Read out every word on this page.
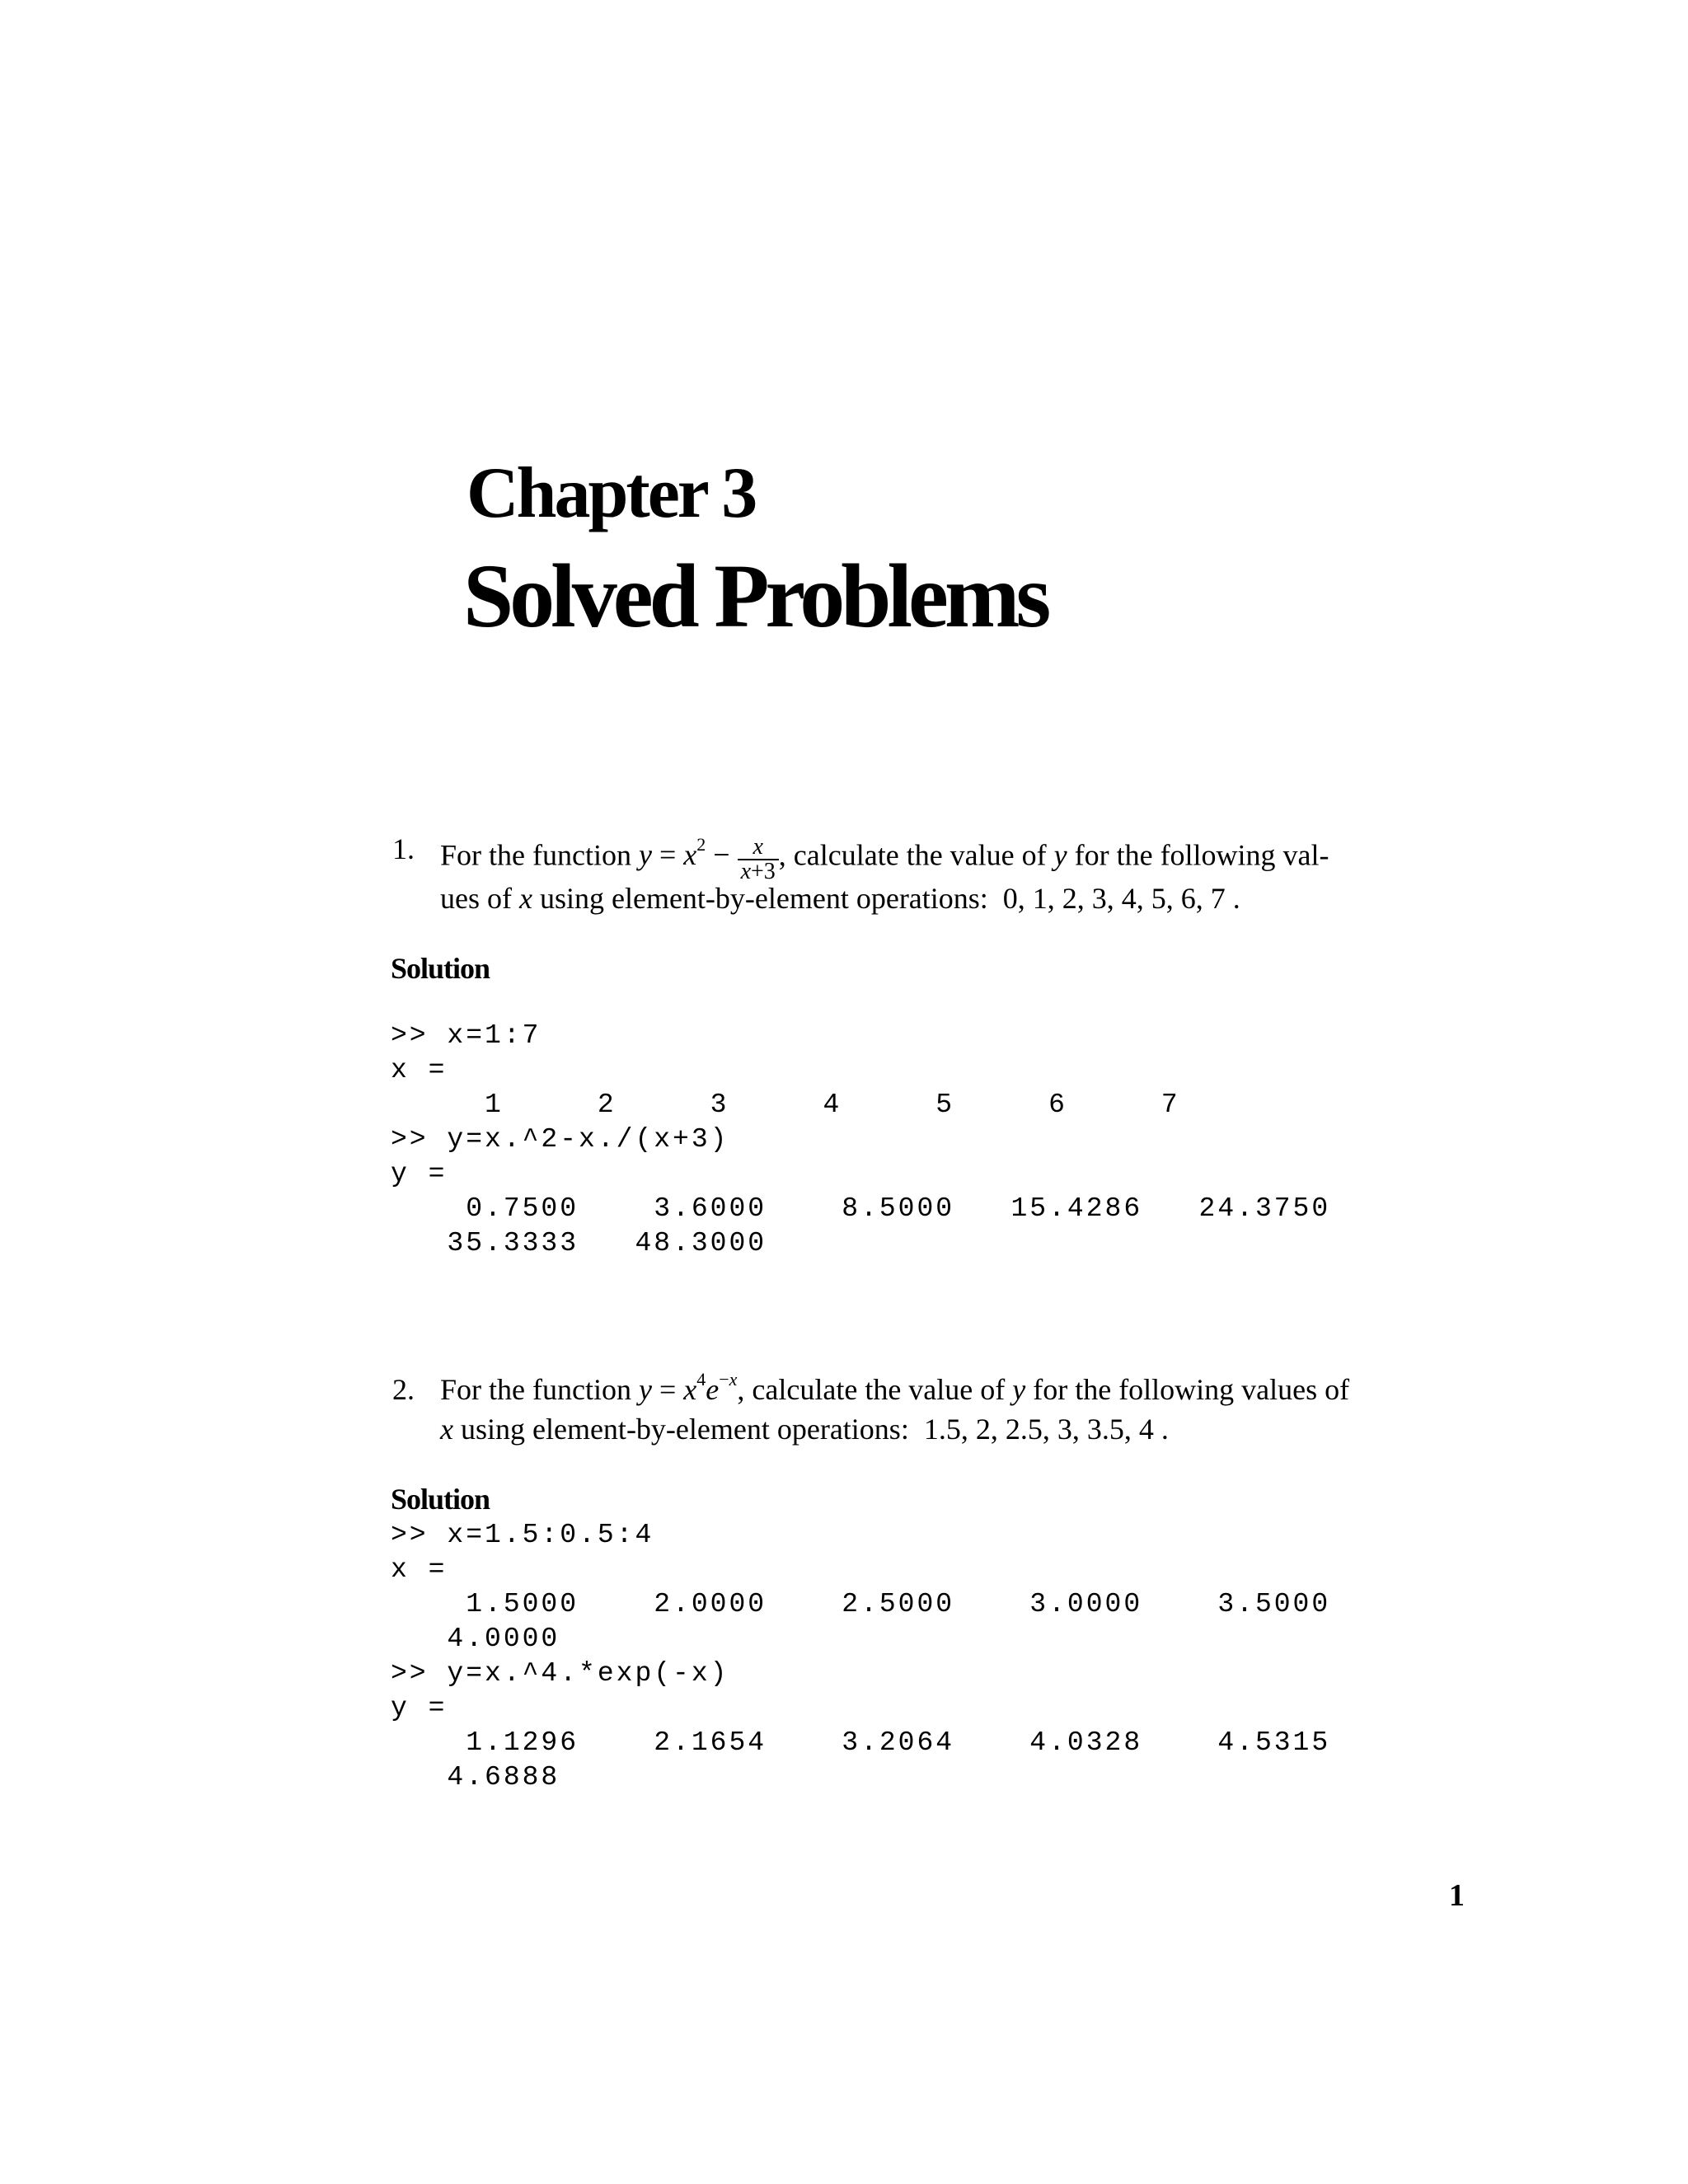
Chapter 3
Solved Problems
1. For the function $y = x^2 - \frac{x}{x+3}$ , calculate the value of y for the following val-
ues of x using element-by-element operations:  0, 1, 2, 3, 4, 5, 6, 7 .
Solution
>> x=1:7
x =
1     2     3     4     5     6     7
>> y=x.^2-x./(x+3)
y =
0.7500    3.6000    8.5000   15.4286   24.3750
35.3333   48.3000
2. For the function $y = x^4e^{-x}$, calculate the value of y for the following values of
x using element-by-element operations:  1.5, 2, 2.5, 3, 3.5, 4 .
Solution
>> x=1.5:0.5:4
x =
1.5000    2.0000    2.5000    3.0000    3.5000
4.0000
>> y=x.^4.*exp(-x)
y =
1.1296    2.1654    3.2064    4.0328    4.5315
4.6888
1
